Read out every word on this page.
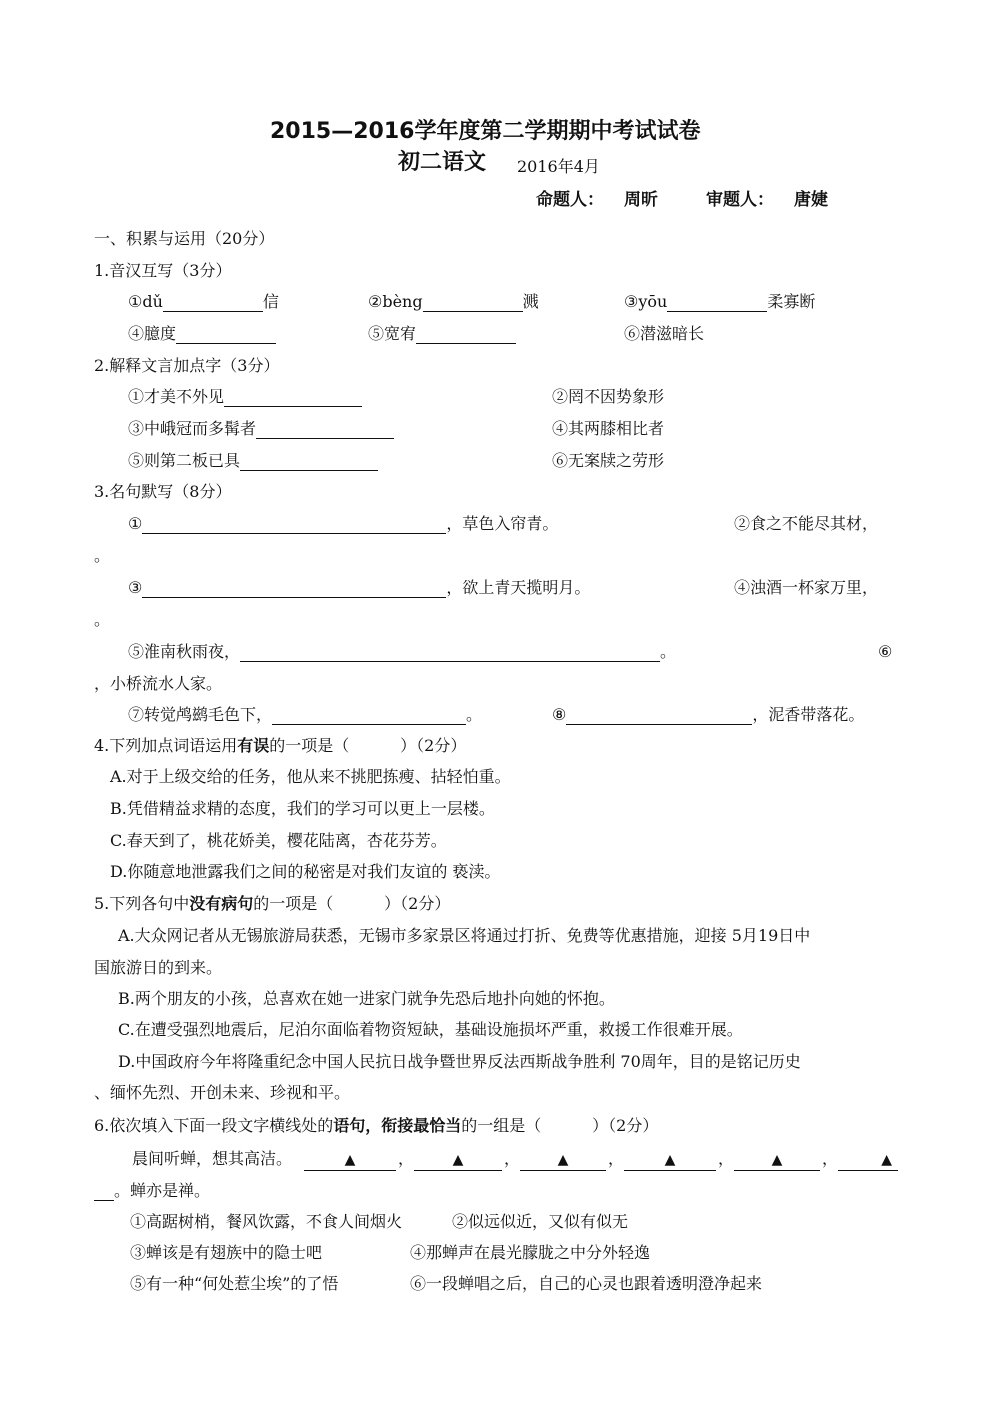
2015—2016学年度第二学期期中考试试卷
初二语文 2016年4月
命题人： 周昕	审题人： 唐婕
一、积累与运用（20分）
1.音汉互写（3分）
①dǔ	信	②bèng	溅	③yōu	柔寡断
④臆度	⑤宽宥	⑥潜滋暗长
2.解释文言加点字（3分）
①才美不外见	②罔不因势象形
③中峨冠而多髯者	④其两膝相比者
⑤则第二板已具	⑥无案牍之劳形
3.名句默写（8分）
①	，草色入帘青。	②食之不能尽其材，
。
③	，欲上青天揽明月。	④浊酒一杯家万里，
。
⑤淮南秋雨夜，	。	⑥
，小桥流水人家。
⑦转觉鸬鹚毛色下，	。	⑧	，泥香带落花。
4.下列加点词语运用有误的一项是（          ）（2分）
A.对于上级交给的任务，他从来不挑肥拣瘦、拈轻怕重。
B.凭借精益求精的态度，我们的学习可以更上一层楼。
C.春天到了，桃花娇美，樱花陆离，杏花芬芳。
D.你随意地泄露我们之间的秘密是对我们友谊的 亵渎。
5.下列各句中没有病句的一项是（          ）（2分）
A.大众网记者从无锡旅游局获悉，无锡市多家景区将通过打折、免费等优惠措施，迎接 5月19日中
国旅游日的到来。
B.两个朋友的小孩，总喜欢在她一进家门就争先恐后地扑向她的怀抱。
C.在遭受强烈地震后，尼泊尔面临着物资短缺，基础设施损坏严重，救援工作很难开展。
D.中国政府今年将隆重纪念中国人民抗日战争暨世界反法西斯战争胜利 70周年，目的是铭记历史
、缅怀先烈、开创未来、珍视和平。
6.依次填入下面一段文字横线处的语句，衔接最恰当的一组是（          ）（2分）
晨间听蝉，想其高洁。	▲	，	▲	，	▲	，	▲	，	▲	，	▲
。蝉亦是禅。
①高踞树梢，餐风饮露，不食人间烟火	②似远似近，又似有似无
③蝉该是有翅族中的隐士吧	④那蝉声在晨光朦胧之中分外轻逸
⑤有一种“何处惹尘埃”的了悟	⑥一段蝉唱之后，自己的心灵也跟着透明澄净起来
